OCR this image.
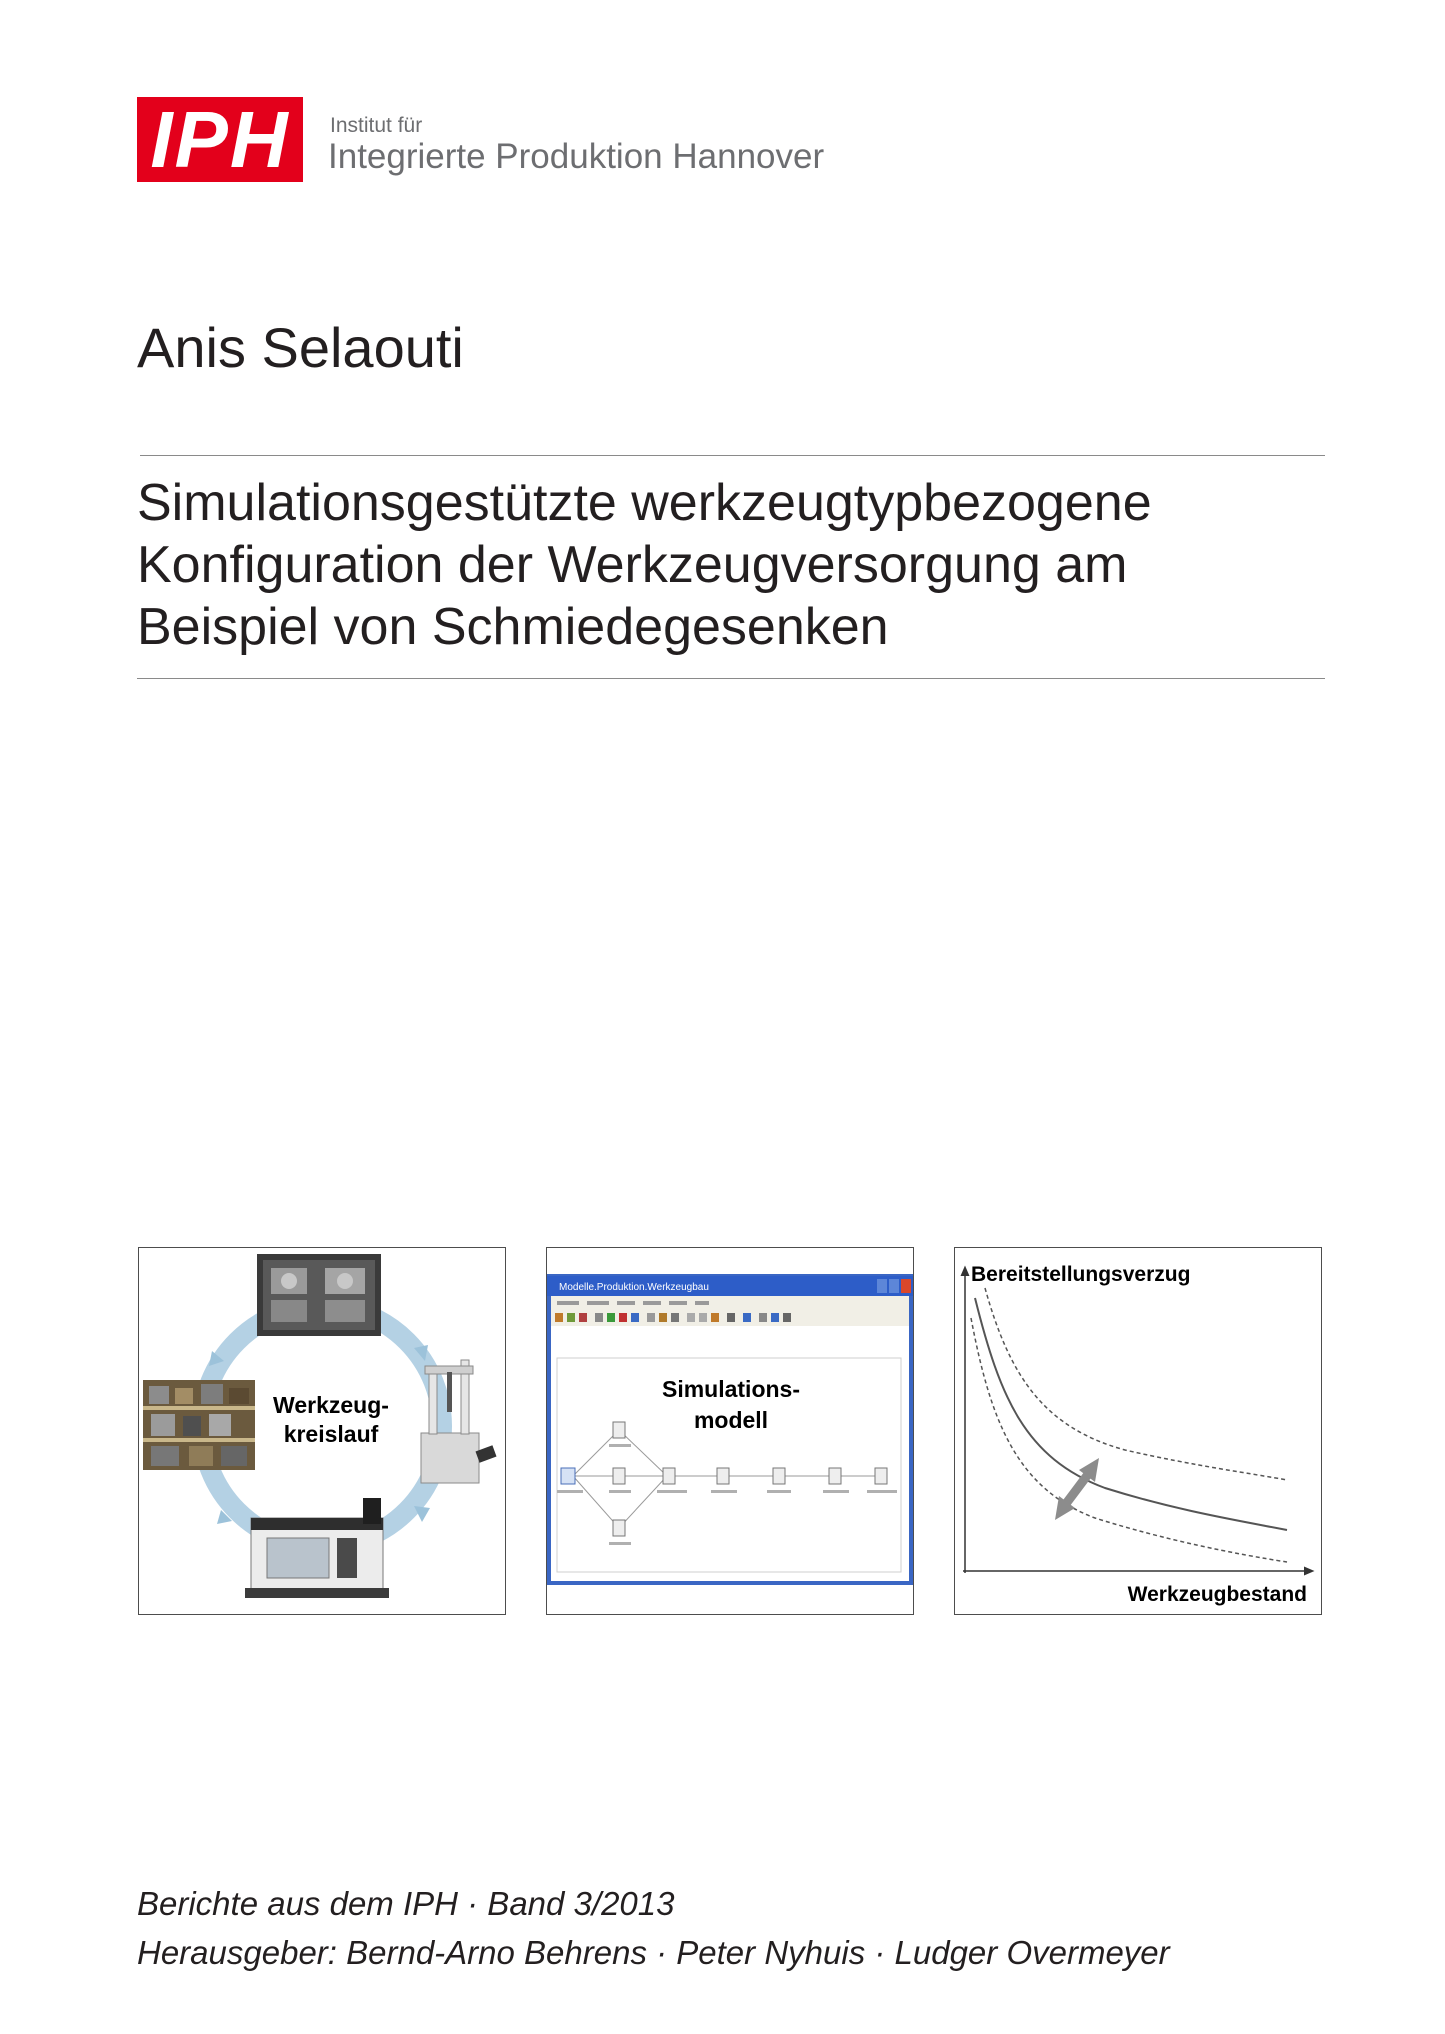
IPH	Institut für
Integrierte Produktion Hannover
Anis Selaouti
Simulationsgestützte werkzeugtypbezogene
Konfiguration der Werkzeugversorgung am
Beispiel von Schmiedegesenken
Werkzeug-
kreislauf
Modelle.Produktion.Werkzeugbau
Simulations-
modell
Bereitstellungsverzug
Werkzeugbestand
Berichte aus dem IPH · Band 3/2013
Herausgeber: Bernd-Arno Behrens · Peter Nyhuis · Ludger Overmeyer
